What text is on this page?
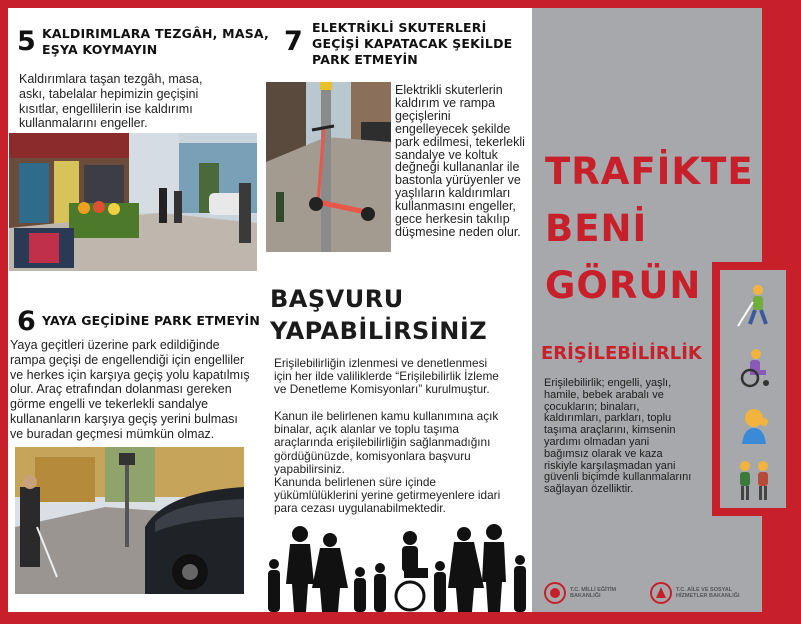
5 KALDIRIMLARA TEZGÂH, MASA,
EŞYA KOYMAYIN
Kaldırımlara taşan tezgâh, masa,
askı, tabelalar hepimizin geçişini
kısıtlar, engellilerin ise kaldırımı
kullanmalarını engeller.
7 ELEKTRİKLİ SKUTERLERİ
GEÇİŞİ KAPATACAK ŞEKİLDE
PARK ETMEYİN
Elektrikli skuterlerin
kaldırım ve rampa
geçişlerini
engelleyecek şekilde
park edilmesi, tekerlekli
sandalye ve koltuk
değneği kullananlar ile
bastonla yürüyenler ve
yaşlıların kaldırımları
kullanmasını engeller,
gece herkesin takılıp
düşmesine neden olur.
6 YAYA GEÇİDİNE PARK ETMEYİN
Yaya geçitleri üzerine park edildiğinde
rampa geçişi de engellendiği için engelliler
ve herkes için karşıya geçiş yolu kapatılmış
olur. Araç etrafından dolanması gereken
görme engelli ve tekerlekli sandalye
kullananların karşıya geçiş yerini bulması
ve buradan geçmesi mümkün olmaz.
BAŞVURU
YAPABİLİRSİNİZ
Erişilebilirliğin izlenmesi ve denetlenmesi
için her ilde valiliklerde “Erişilebilirlik İzleme
ve Denetleme Komisyonları” kurulmuştur.
Kanun ile belirlenen kamu kullanımına açık
binalar, açık alanlar ve toplu taşıma
araçlarında erişilebilirliğin sağlanmadığını
gördüğünüzde, komisyonlara başvuru
yapabilirsiniz.
Kanunda belirlenen süre içinde
yükümlülüklerini yerine getirmeyenlere idari
para cezası uygulanabilmektedir.
T.C. MİLLİ EĞİTİM
BAKANLIĞI
T.C. AİLE VE SOSYAL
HİZMETLER BAKANLIĞI
TRAFİKTE
BENİ
GÖRÜN
ERİŞİLEBİLİRLİK
Erişilebilirlik; engelli, yaşlı,
hamile, bebek arabalı ve
çocukların; binaları,
kaldırımları, parkları, toplu
taşıma araçlarını, kimsenin
yardımı olmadan yani
bağımsız olarak ve kaza
riskiyle karşılaşmadan yani
güvenli biçimde kullanmalarını
sağlayan özelliktir.
